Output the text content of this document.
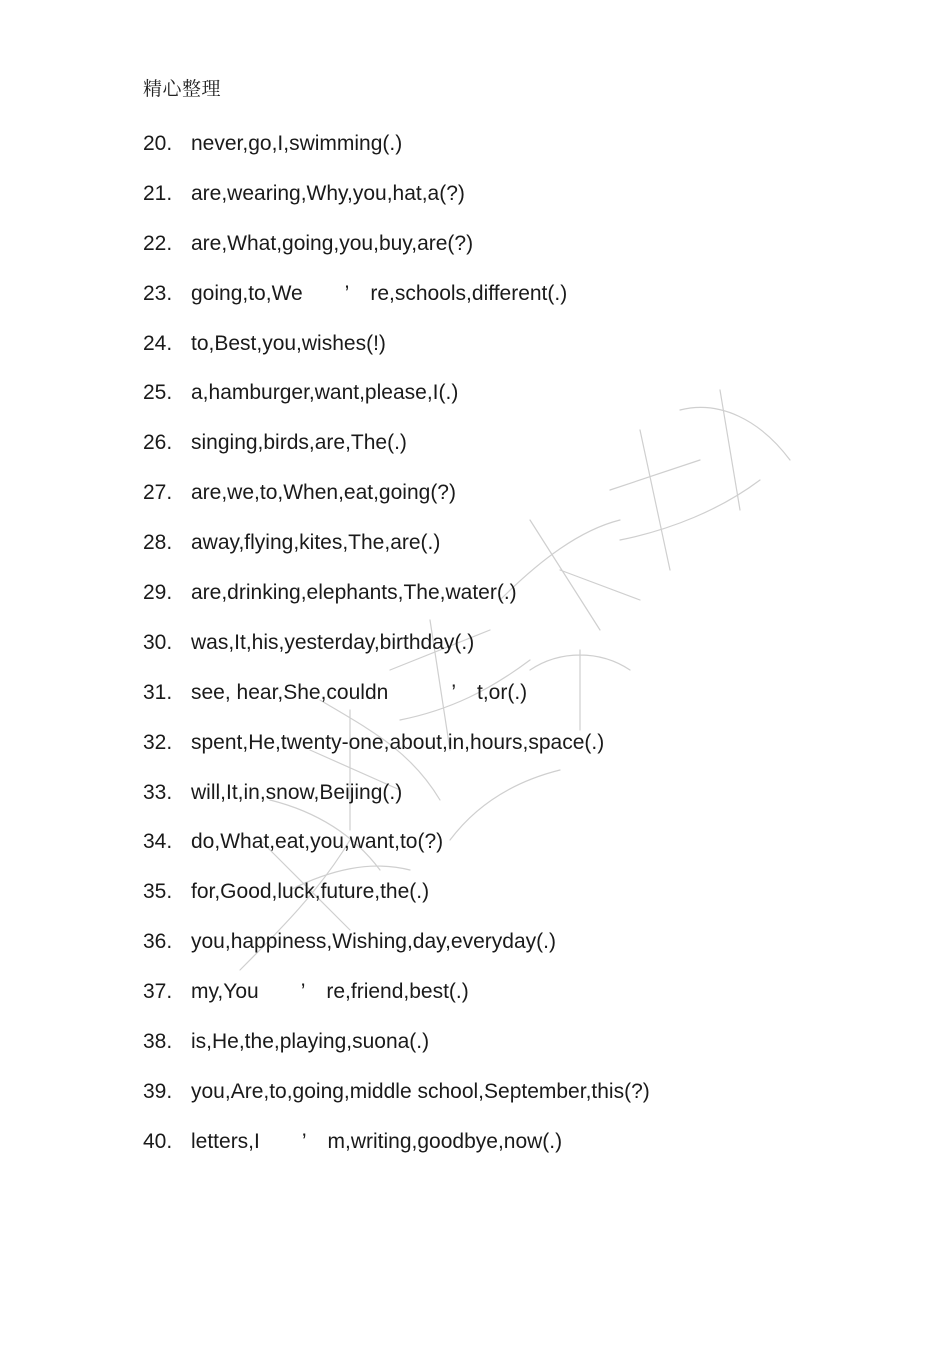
精心整理
20. never,go,I,swimming(.)
21. are,wearing,Why,you,hat,a(?)
22. are,What,going,you,buy,are(?)
23. going,to,We  ’ re,schools,different(.)
24. to,Best,you,wishes(!)
25. a,hamburger,want,please,I(.)
26. singing,birds,are,The(.)
27. are,we,to,When,eat,going(?)
28. away,flying,kites,The,are(.)
29. are,drinking,elephants,The,water(.)
30. was,It,his,yesterday,birthday(.)
31. see, hear,She,couldn   ’ t,or(.)
32. spent,He,twenty-one,about,in,hours,space(.)
33. will,It,in,snow,Beijing(.)
34. do,What,eat,you,want,to(?)
35. for,Good,luck,future,the(.)
36. you,happiness,Wishing,day,everyday(.)
37. my,You  ’ re,friend,best(.)
38. is,He,the,playing,suona(.)
39. you,Are,to,going,middle school,September,this(?)
40. letters,I  ’ m,writing,goodbye,now(.)
